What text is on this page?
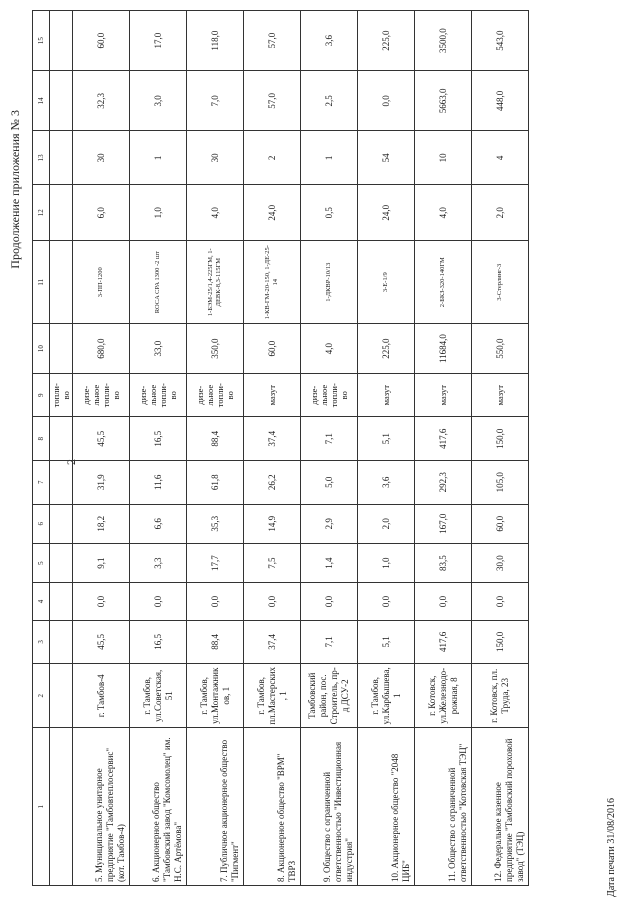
2
Продолжение приложения № 3
1	2	3	4	5	6	7	8	9	10	11	12	13	14	15
								топли-
во						
5. Муниципальное унитарное предприятие "Тамбовтеплосервис" (кот. Тамбов-4)	г. Тамбов-4	45,5	0,0	9,1	18,2	31,9	45,5	дизе-
льное
топли-
во	680,0	3-ПП-1200	6,0	30	32,3	60,0
6. Акционерное общество "Тамбовский завод "Комсомолец" им. Н.С. Артёмова"	г. Тамбов, ул.Советская, 51	16,5	0,0	3,3	6,6	11,6	16,5	дизе-
льное
топли-
во	33,0	ROCA CPA 1300 -2 шт	1,0	1	3,0	17,0
7. Публичное акционерное общество "Пигмент"	г. Тамбов, ул.Монтажников, 1	88,4	0,0	17,7	35,3	61,8	88,4	дизе-
льное
топли-
во	350,0	1-БЭМ-25/1,4-225ГМ, 1-ДЕВК-8,3-115ГМ	4,0	30	7,0	118,0
8. Акционерное общество "ВРМ" ТВРЗ	г. Тамбов, пл.Мастерских, 1	37,4	0,0	7,5	14,9	26,2	37,4	мазут	60,0	1-КВ-ГМ-20-150, 1-ДЕ-25-14	24,0	2	57,0	57,0
9. Общество с ограниченной ответственностью "Инвестиционная индустрия"	Тамбовский район, пос. Строитель, пр-д ДСУ-2	7,1	0,0	1,4	2,9	5,0	7,1	дизе-
льное
топли-
во	4,0	1-ДКВР-10/13	0,5	1	2,5	3,6
10. Акционерное общество "2048 ЦИБ"	г. Тамбов, ул.Карбышева, 1	5,1	0,0	1,0	2,0	3,6	5,1	мазут	225,0	3-Е-1/9	24,0	54	0,0	225,0
11. Общество с ограниченной ответственностью "Котовская ТЭЦ"	г. Котовск, ул.Железнодо-рожная, 8	417,6	0,0	83,5	167,0	292,3	417,6	мазут	11684,0	2-БКЗ-320-140ГМ	4,0	10	5663,0	3500,0
12. Федеральное казенное предприятие "Тамбовский пороховой завод" (ТЭЦ)	г. Котовск, пл. Труда, 23	150,0	0,0	30,0	60,0	105,0	150,0	мазут	550,0	3-Стерлинг-3	2,0	4	448,0	543,0
Дата печати 31/08/2016
